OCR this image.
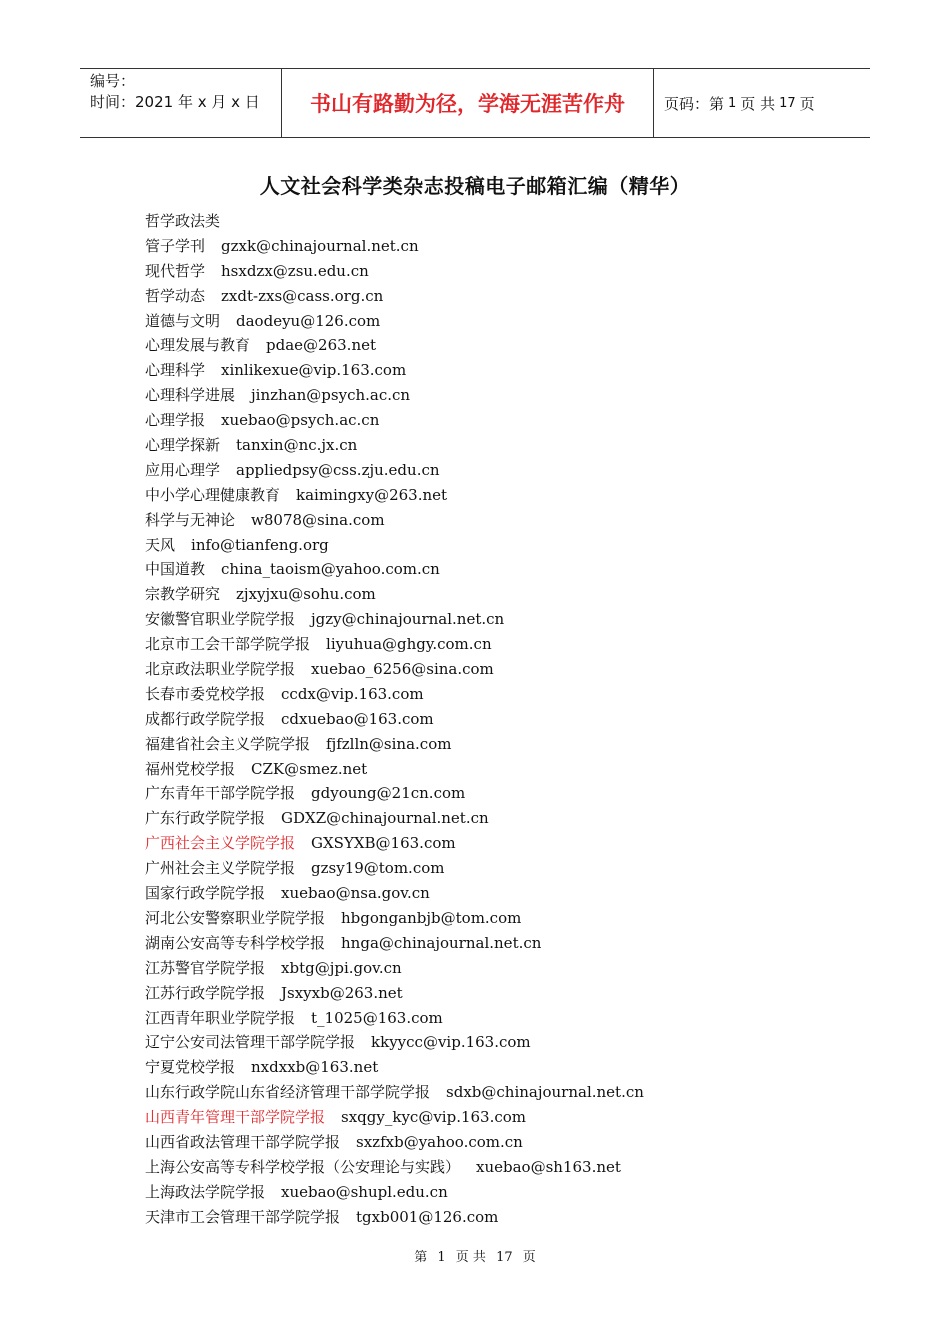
编号：
时间：2021 年 x 月 x 日	书山有路勤为径，学海无涯苦作舟	页码：第 1 页 共 17 页
人文社会科学类杂志投稿电子邮箱汇编（精华）
哲学政法类
管子学刊 gzxk@chinajournal.net.cn
现代哲学 hsxdzx@zsu.edu.cn
哲学动态 zxdt-zxs@cass.org.cn
道德与文明 daodeyu@126.com
心理发展与教育 pdae@263.net
心理科学 xinlikexue@vip.163.com
心理科学进展 jinzhan@psych.ac.cn
心理学报 xuebao@psych.ac.cn
心理学探新 tanxin@nc.jx.cn
应用心理学 appliedpsy@css.zju.edu.cn
中小学心理健康教育 kaimingxy@263.net
科学与无神论 w8078@sina.com
天风 info@tianfeng.org
中国道教 china_taoism@yahoo.com.cn
宗教学研究 zjxyjxu@sohu.com
安徽警官职业学院学报 jgzy@chinajournal.net.cn
北京市工会干部学院学报 liyuhua@ghgy.com.cn
北京政法职业学院学报 xuebao_6256@sina.com
长春市委党校学报 ccdx@vip.163.com
成都行政学院学报 cdxuebao@163.com
福建省社会主义学院学报 fjfzlln@sina.com
福州党校学报 CZK@smez.net
广东青年干部学院学报 gdyoung@21cn.com
广东行政学院学报 GDXZ@chinajournal.net.cn
广西社会主义学院学报 GXSYXB@163.com
广州社会主义学院学报 gzsy19@tom.com
国家行政学院学报 xuebao@nsa.gov.cn
河北公安警察职业学院学报 hbgonganbjb@tom.com
湖南公安高等专科学校学报 hnga@chinajournal.net.cn
江苏警官学院学报 xbtg@jpi.gov.cn
江苏行政学院学报 Jsxyxb@263.net
江西青年职业学院学报 t_1025@163.com
辽宁公安司法管理干部学院学报 kkyycc@vip.163.com
宁夏党校学报 nxdxxb@163.net
山东行政学院山东省经济管理干部学院学报 sdxb@chinajournal.net.cn
山西青年管理干部学院学报 sxqgy_kyc@vip.163.com
山西省政法管理干部学院学报 sxzfxb@yahoo.com.cn
上海公安高等专科学校学报（公安理论与实践） xuebao@sh163.net
上海政法学院学报 xuebao@shupl.edu.cn
天津市工会管理干部学院学报 tgxb001@126.com
第 1 页 共 17 页
